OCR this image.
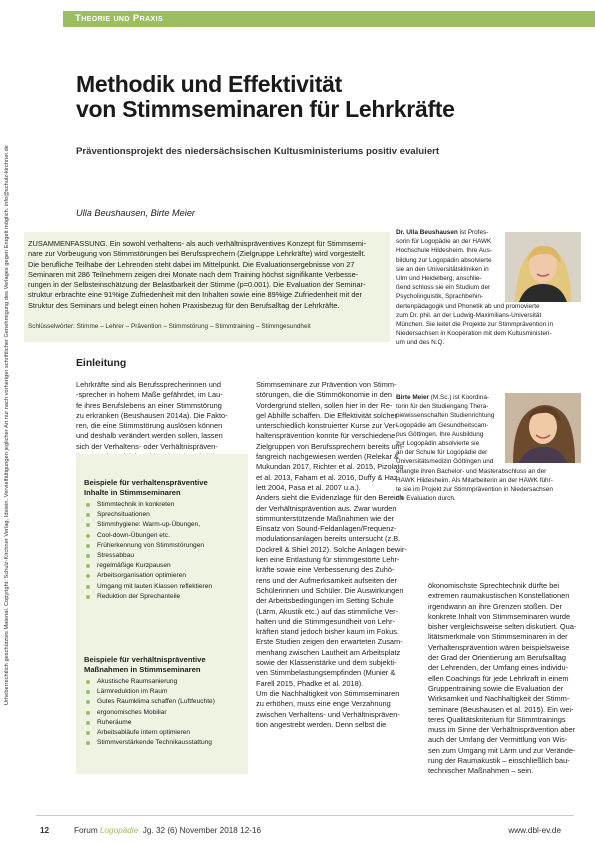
Urheberrechtlich geschütztes Material. Copyright: Schulz-Kirchner Verlag, Idstein. Vervielfältigungen jeglicher Art nur nach vorheriger schriftlicher Genehmigung des Verlages gegen Entgelt möglich. info@schulz-kirchner.de
Theorie und Praxis
Methodik und Effektivität
von Stimmseminaren für Lehrkräfte
Präventionsprojekt des niedersächsischen Kultusministeriums positiv evaluiert
Ulla Beushausen, Birte Meier
ZUSAMMENFASSUNG. Ein sowohl verhaltens- als auch verhältnispräventives Konzept für Stimmsemi-
nare zur Vorbeugung von Stimmstörungen bei Berufssprechern (Zielgruppe Lehrkräfte) wird vorgestellt.
Die berufliche Teilhabe der Lehrenden steht dabei im Mittelpunkt. Die Evaluationsergebnisse von 27
Seminaren mit 286 Teilnehmern zeigen drei Monate nach dem Training höchst signifikante Verbesse-
rungen in der Selbsteinschätzung der Belastbarkeit der Stimme (p=0.001). Die Evaluation der Seminar-
struktur erbrachte eine 91%ige Zufriedenheit mit den Inhalten sowie eine 89%ige Zufriedenheit mit der
Struktur des Seminars und belegt einen hohen Praxisbezug für den Berufsalltag der Lehrkräfte.
Schlüsselwörter: Stimme – Lehrer – Prävention – Stimmstörung – Stimmtraining – Stimmgesundheit
Dr. Ulla Beushausen ist Profes-
sorin für Logopädie an der HAWK
Hochschule Hildesheim. Ihre Aus-
bildung zur Logopädin absolvierte
sie an den Universitätskliniken in
Ulm und Heidelberg, anschlie-
ßend schloss sie ein Studium der
Psycholinguistik, Sprachbehin-
dertenpädagogik und Phonetik ab und promovierte
zum Dr. phil. an der Ludwig-Maximilians-Universität
München. Sie leitet die Projekte zur Stimmprävention in
Niedersachsen in Kooperation mit dem Kultusministeri-
um und des N.Q.
Birte Meier (M.Sc.) ist Koordina-
torin für den Studiengang Thera-
piewissenschaften Studienrichtung
Logopädie am Gesundheitscam-
pus Göttingen. Ihre Ausbildung
zur Logopädin absolvierte sie
an der Schule für Logopädie der
Universitätsmedizin Göttingen und
erlangte ihren Bachelor- und Masterabschluss an der
HAWK Hildesheim. Als Mitarbeiterin an der HAWK führ-
te sie im Projekt zur Stimmprävention in Niedersachsen
die Evaluation durch.
Einleitung
Lehrkräfte sind als Berufssprecherinnen und
-sprecher in hohem Maße gefährdet, im Lau-
fe ihres Berufslebens an einer Stimmstörung
zu erkranken (Beushausen 2014a). Die Fakto-
ren, die eine Stimmstörung auslösen können
und deshalb verändert werden sollen, lassen
sich der Verhaltens- oder Verhältnispräven-
Beispiele für verhaltenspräventive
Inhalte in Stimmseminaren
Stimmtechnik in konkreten
Sprechsituationen
Stimmhygiene: Warm-up-Übungen,
Cool-down-Übungen etc.
Früherkennung von Stimmstörungen
Stressabbau
regelmäßige Kurzpausen
Arbeitsorganisation optimieren
Umgang mit lauten Klassen reflektieren
Reduktion der Sprechanteile
Beispiele für verhältnispräventive
Maßnahmen in Stimmseminaren
Akustische Raumsanierung
Lärmreduktion im Raum
Gutes Raumklima schaffen (Luftfeuchte)
ergonomisches Mobiliar
Ruheräume
Arbeitsabläufe intern optimieren
Stimmverstärkende Technikausstattung
Stimmseminare zur Prävention von Stimm-
störungen, die die Stimmökonomie in den
Vordergrund stellen, sollen hier in der Re-
gel Abhilfe schaffen. Die Effektivität solcher
unterschiedlich konstruierter Kurse zur Ver-
haltensprävention konnte für verschiedene
Zielgruppen von Berufssprechern bereits um-
fangreich nachgewiesen werden (Relekar &
Mukundan 2017, Richter et al. 2015, Pizolato
et al. 2013, Faham et al. 2016, Duffy & Haz-
lett 2004, Pasa et al. 2007 u.a.).
Anders sieht die Evidenzlage für den Bereich
der Verhältnisprävention aus. Zwar wurden
stimmunterstützende Maßnahmen wie der
Einsatz von Sound-Feldanlagen/Frequenz-
modulationsanlagen bereits untersucht (z.B.
Dockrell & Shiel 2012). Solche Anlagen bewir-
ken eine Entlastung für stimmgestörte Lehr-
kräfte sowie eine Verbesserung des Zuhö-
rens und der Aufmerksamkeit aufseiten der
Schülerinnen und Schüler. Die Auswirkungen
der Arbeitsbedingungen im Setting Schule
(Lärm, Akustik etc.) auf das stimmliche Ver-
halten und die Stimmgesundheit von Lehr-
kräften stand jedoch bisher kaum im Fokus.
Erste Studien zeigen den erwarteten Zusam-
menhang zwischen Lautheit am Arbeitsplatz
sowie der Klassenstärke und dem subjekti-
ven Stimmbelastungsempfinden (Munier &
Farell 2015, Phadke et al. 2018).
Um die Nachhaltigkeit von Stimmseminaren
zu erhöhen, muss eine enge Verzahnung
zwischen Verhaltens- und Verhältnispräven-
tion angestrebt werden. Denn selbst die
ökonomischste Sprechtechnik dürfte bei
extremen raumakustischen Konstellationen
irgendwann an ihre Grenzen stoßen. Der
konkrete Inhalt von Stimmseminaren wurde
bisher vergleichsweise selten diskutiert. Qua-
litätsmerkmale von Stimmseminaren in der
Verhaltensprävention wären beispielsweise
der Grad der Orientierung am Berufsalltag
der Lehrenden, der Umfang eines individu-
ellen Coachings für jede Lehrkraft in einem
Gruppentraining sowie die Evaluation der
Wirksamkeit und Nachhaltigkeit der Stimm-
seminare (Beushausen et al. 2015). Ein wei-
teres Qualitätskriterium für Stimmtrainings
muss im Sinne der Verhältnisprävention aber
auch der Umfang der Vermittlung von Wis-
sen zum Umgang mit Lärm und zur Verände-
rung der Raumakustik – einschließlich bau-
technischer Maßnahmen – sein.
12	Forum Logopädie Jg. 32 (6) November 2018 12-16	www.dbl-ev.de
